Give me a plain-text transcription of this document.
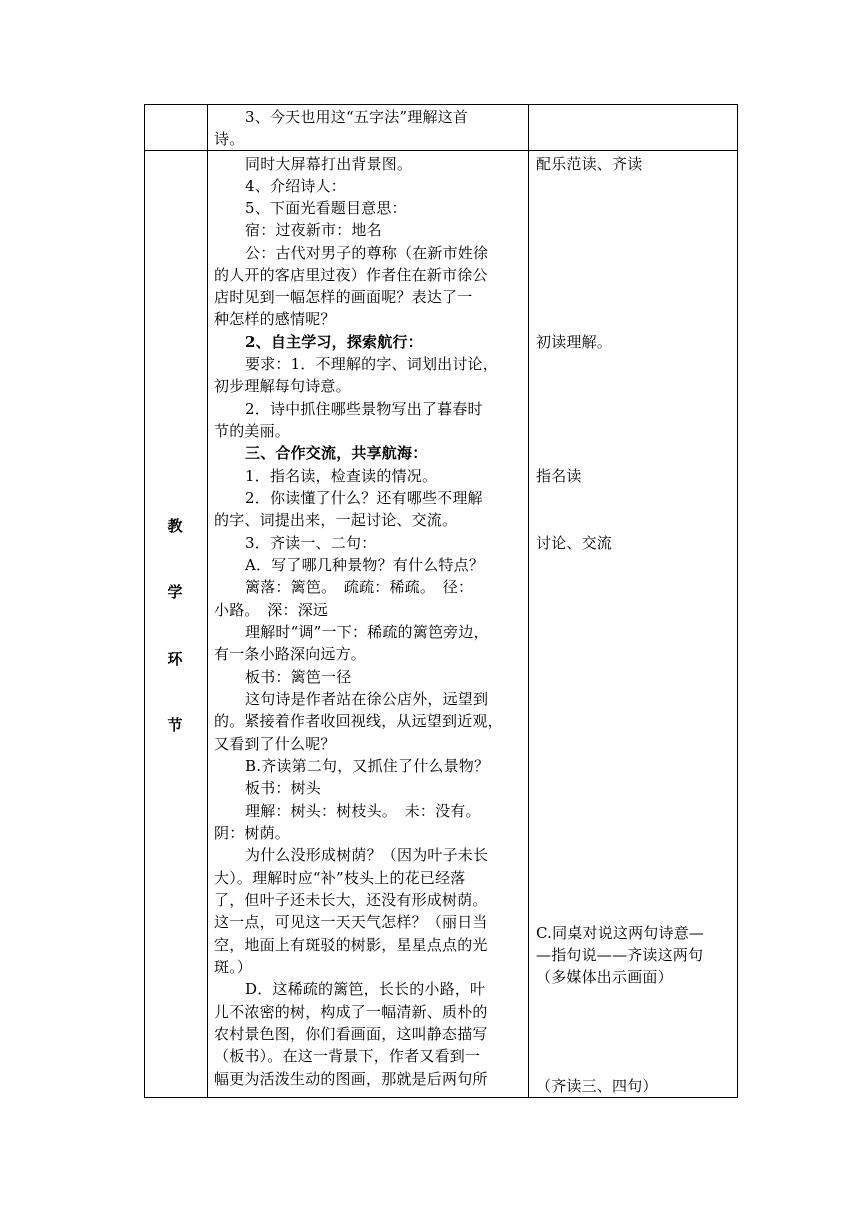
3、今天也用这“五字法”理解这首
诗。
教
学
环
节
同时大屏幕打出背景图。
4、介绍诗人：
5、下面光看题目意思：
宿：过夜新市：地名
公：古代对男子的尊称（在新市姓徐
的人开的客店里过夜）作者住在新市徐公
店时见到一幅怎样的画面呢？表达了一
种怎样的感情呢？
2、自主学习，探索航行：
要求：1．不理解的字、词划出讨论，
初步理解每句诗意。
2．诗中抓住哪些景物写出了暮春时
节的美丽。
三、合作交流，共享航海：
1．指名读，检查读的情况。
2．你读懂了什么？还有哪些不理解
的字、词提出来，一起讨论、交流。
3．齐读一、二句：
A．写了哪几种景物？有什么特点？
篱落：篱笆。　疏疏：稀疏。　径：
小路。　深：深远
理解时“调”一下：稀疏的篱笆旁边，
有一条小路深向远方。
板书：篱笆一径
这句诗是作者站在徐公店外，远望到
的。紧接着作者收回视线，从远望到近观，
又看到了什么呢？
B.齐读第二句，又抓住了什么景物？
板书：树头
理解：树头：树枝头。　未：没有。
阴：树荫。
为什么没形成树荫？（因为叶子未长
大）。理解时应“补”枝头上的花已经落
了，但叶子还未长大，还没有形成树荫。
这一点，可见这一天天气怎样？（丽日当
空，地面上有斑驳的树影，星星点点的光
斑。）
D．这稀疏的篱笆，长长的小路，叶
儿不浓密的树，构成了一幅清新、质朴的
农村景色图，你们看画面，这叫静态描写
（板书）。在这一背景下，作者又看到一
幅更为活泼生动的图画，那就是后两句所
配乐范读、齐读
初读理解。
指名读
讨论、交流
C.同桌对说这两句诗意—
—指句说——齐读这两句
（多媒体出示画面）
（齐读三、四句）
